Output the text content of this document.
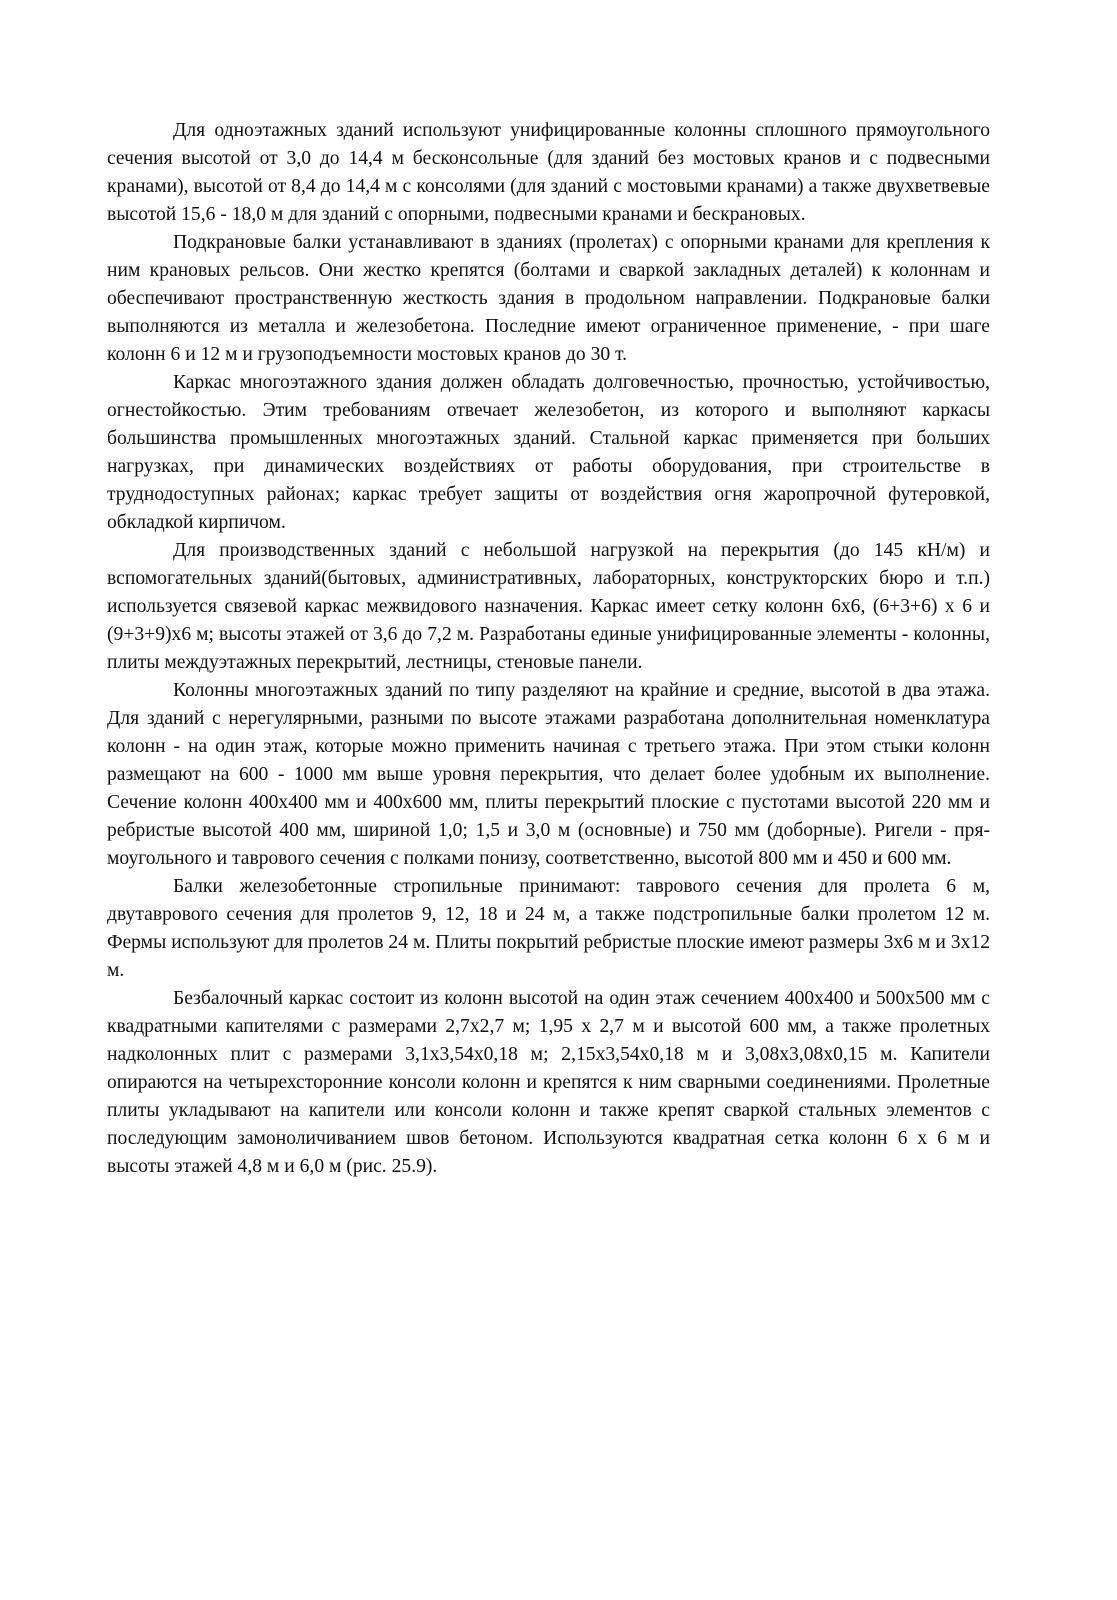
Для одноэтажных зданий используют унифицированные колонны сплошного прямоугольного сечения высотой от 3,0 до 14,4 м бесконсольные (для зданий без мостовых кранов и с подвесными кранами), высотой от 8,4 до 14,4 м с консолями (для зданий с мостовыми кранами) а также двухветвевые высотой 15,6 - 18,0 м для зданий с опорными, подвесными кранами и бескрановых.

Подкрановые балки устанавливают в зданиях (пролетах) с опорными кранами для крепления к ним крановых рельсов. Они жестко крепятся (болтами и сваркой закладных деталей) к колоннам и обеспечивают пространственную жесткость здания в продольном направлении. Подкрановые балки выполняются из металла и железобетона. Последние имеют ограниченное применение, - при шаге колонн 6 и 12 м и грузоподъемности мостовых кранов до 30 т.

Каркас многоэтажного здания должен обладать долговечностью, прочностью, устойчивостью, огнестойкостью. Этим требованиям отвечает железобетон, из которого и выполняют каркасы большинства промышленных многоэтажных зданий. Стальной каркас применяется при больших нагрузках, при динамических воздействиях от работы оборудования, при строительстве в труднодоступных районах; каркас требует защиты от воздействия огня жаропрочной футеровкой, обкладкой кирпичом.

Для производственных зданий с небольшой нагрузкой на перекрытия (до 145 кН/м) и вспомогательных зданий(бытовых, административных, лабораторных, конструкторских бюро и т.п.) используется связевой каркас межвидового назначения. Каркас имеет сетку колонн 6х6, (6+3+6) х 6 и (9+3+9)х6 м; высоты этажей от 3,6 до 7,2 м. Разработаны единые унифицированные элементы - колонны, плиты междуэтажных перекрытий, лестницы, стеновые панели.

Колонны многоэтажных зданий по типу разделяют на крайние и средние, высотой в два этажа. Для зданий с нерегулярными, разными по высоте этажами разработана дополнительная номенклатура колонн - на один этаж, которые можно применить начиная с третьего этажа. При этом стыки колонн размещают на 600 - 1000 мм выше уровня перекрытия, что делает более удобным их выполнение. Сечение колонн 400х400 мм и 400х600 мм, плиты перекрытий плоские с пустотами высотой 220 мм и ребристые высотой 400 мм, шириной 1,0; 1,5 и 3,0 м (основные) и 750 мм (доборные). Ригели - прямоугольного и таврового сечения с полками понизу, соответственно, высотой 800 мм и 450 и 600 мм.

Балки железобетонные стропильные принимают: таврового сечения для пролета 6 м, двутаврового сечения для пролетов 9, 12, 18 и 24 м, а также подстропильные балки пролетом 12 м. Фермы используют для пролетов 24 м. Плиты покрытий ребристые плоские имеют размеры 3х6 м и 3х12 м.

Безбалочный каркас состоит из колонн высотой на один этаж сечением 400х400 и 500х500 мм с квадратными капителями с размерами 2,7х2,7 м; 1,95 х 2,7 м и высотой 600 мм, а также пролетных надколонных плит с размерами 3,1х3,54х0,18 м; 2,15х3,54х0,18 м и 3,08х3,08х0,15 м. Капители опираются на четырехсторонние консоли колонн и крепятся к ним сварными соединениями. Пролетные плиты укладывают на капители или консоли колонн и также крепят сваркой стальных элементов с последующим замоноличиванием швов бетоном. Используются квадратная сетка колонн 6 х 6 м и высоты этажей 4,8 м и 6,0 м (рис. 25.9).
